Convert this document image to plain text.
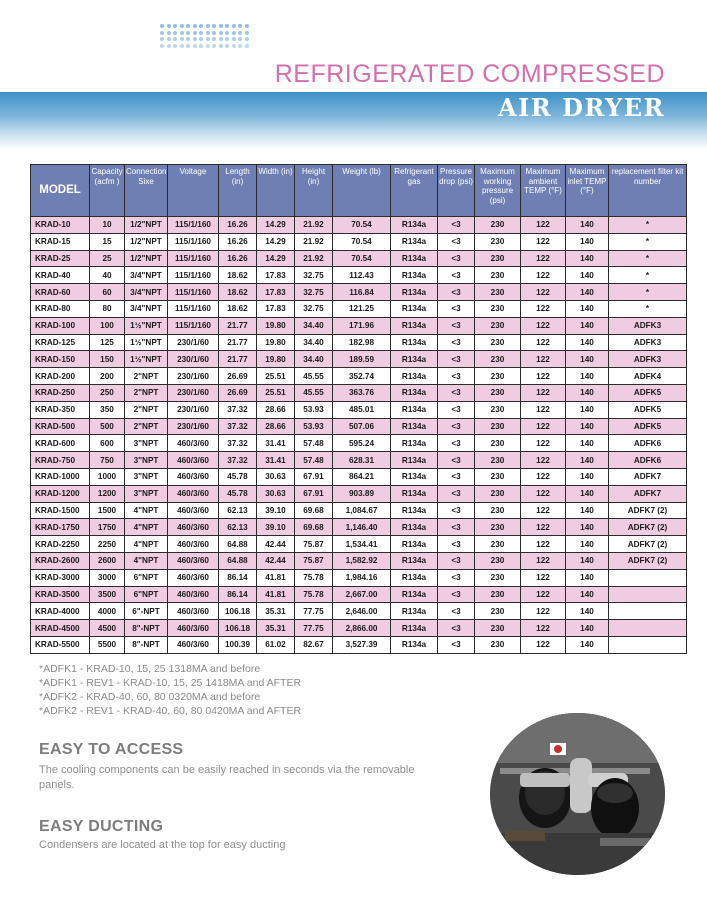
REFRIGERATED COMPRESSED
AIR DRYER
MODEL	Capacity (acfm )	Connection Sixe	Voltage	Length (in)	Width (in)	Height (in)	Weight (lb)	Refrigerant gas	Pressure drop (psi)	Maximum working pressure (psi)	Maximum ambient TEMP (°F)	Maximum inlet TEMP (°F)	replacement filter kit number
KRAD-10	10	1/2"NPT	115/1/160	16.26	14.29	21.92	70.54	R134a	<3	230	122	140	*
KRAD-15	15	1/2"NPT	115/1/160	16.26	14.29	21.92	70.54	R134a	<3	230	122	140	*
KRAD-25	25	1/2"NPT	115/1/160	16.26	14.29	21.92	70.54	R134a	<3	230	122	140	*
KRAD-40	40	3/4"NPT	115/1/160	18.62	17.83	32.75	112.43	R134a	<3	230	122	140	*
KRAD-60	60	3/4"NPT	115/1/160	18.62	17.83	32.75	116.84	R134a	<3	230	122	140	*
KRAD-80	80	3/4"NPT	115/1/160	18.62	17.83	32.75	121.25	R134a	<3	230	122	140	*
KRAD-100	100	1½"NPT	115/1/160	21.77	19.80	34.40	171.96	R134a	<3	230	122	140	ADFK3
KRAD-125	125	1½"NPT	230/1/60	21.77	19.80	34.40	182.98	R134a	<3	230	122	140	ADFK3
KRAD-150	150	1½"NPT	230/1/60	21.77	19.80	34.40	189.59	R134a	<3	230	122	140	ADFK3
KRAD-200	200	2"NPT	230/1/60	26.69	25.51	45.55	352.74	R134a	<3	230	122	140	ADFK4
KRAD-250	250	2"NPT	230/1/60	26.69	25.51	45.55	363.76	R134a	<3	230	122	140	ADFK5
KRAD-350	350	2"NPT	230/1/60	37.32	28.66	53.93	485.01	R134a	<3	230	122	140	ADFK5
KRAD-500	500	2"NPT	230/1/60	37.32	28.66	53.93	507.06	R134a	<3	230	122	140	ADFK5
KRAD-600	600	3"NPT	460/3/60	37.32	31.41	57.48	595.24	R134a	<3	230	122	140	ADFK6
KRAD-750	750	3"NPT	460/3/60	37.32	31.41	57.48	628.31	R134a	<3	230	122	140	ADFK6
KRAD-1000	1000	3"NPT	460/3/60	45.78	30.63	67.91	864.21	R134a	<3	230	122	140	ADFK7
KRAD-1200	1200	3"NPT	460/3/60	45.78	30.63	67.91	903.89	R134a	<3	230	122	140	ADFK7
KRAD-1500	1500	4"NPT	460/3/60	62.13	39.10	69.68	1,084.67	R134a	<3	230	122	140	ADFK7 (2)
KRAD-1750	1750	4"NPT	460/3/60	62.13	39.10	69.68	1,146.40	R134a	<3	230	122	140	ADFK7 (2)
KRAD-2250	2250	4"NPT	460/3/60	64.88	42.44	75.87	1,534.41	R134a	<3	230	122	140	ADFK7 (2)
KRAD-2600	2600	4"NPT	460/3/60	64.88	42.44	75.87	1,582.92	R134a	<3	230	122	140	ADFK7 (2)
KRAD-3000	3000	6"NPT	460/3/60	86.14	41.81	75.78	1,984.16	R134a	<3	230	122	140	
KRAD-3500	3500	6"NPT	460/3/60	86.14	41.81	75.78	2,667.00	R134a	<3	230	122	140	
KRAD-4000	4000	6"-NPT	460/3/60	106.18	35.31	77.75	2,646.00	R134a	<3	230	122	140	
KRAD-4500	4500	8"-NPT	460/3/60	106.18	35.31	77.75	2,866.00	R134a	<3	230	122	140	
KRAD-5500	5500	8"-NPT	460/3/60	100.39	61.02	82.67	3,527.39	R134a	<3	230	122	140	
*ADFK1 - KRAD-10, 15, 25 1318MA and before
*ADFK1 - REV1 - KRAD-10, 15, 25 1418MA and AFTER
*ADFK2 - KRAD-40, 60, 80 0320MA and before
*ADFK2 - REV1 - KRAD-40, 60, 80 0420MA and AFTER
EASY TO ACCESS
The cooling components can be easily reached in seconds via the removable panels.
EASY DUCTING
Condensers are located at the top for easy ducting
